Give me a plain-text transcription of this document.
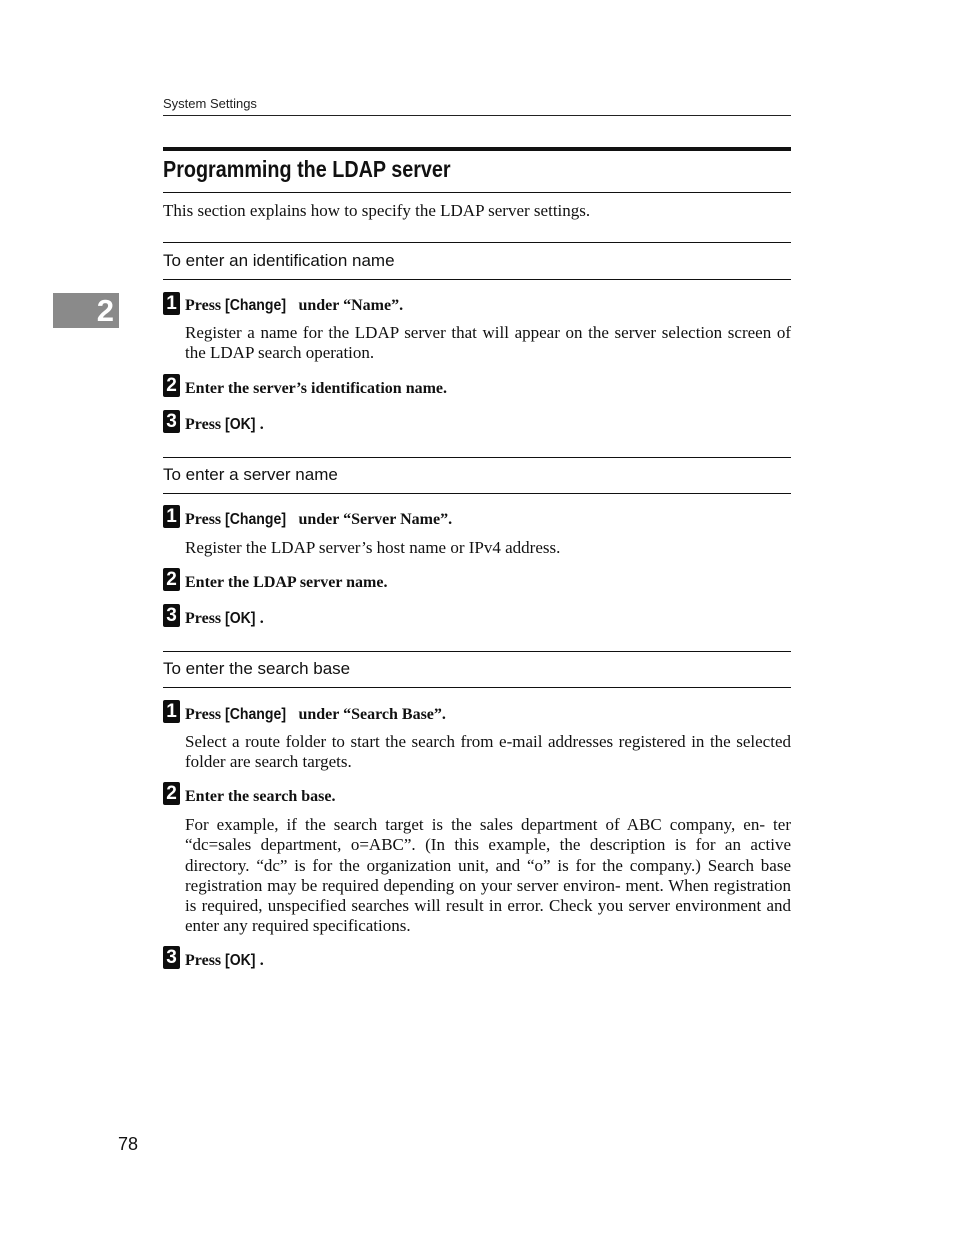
System Settings
2
Programming the LDAP server
This section explains how to specify the LDAP server settings.
To enter an identification name
1 Press [Change] under “Name”.

Register a name for the LDAP server that will appear on the server selection screen of the LDAP search operation.

2 Enter the server’s identification name.
3 Press [OK] .
To enter a server name
1 Press [Change] under “Server Name”.

Register the LDAP server’s host name or IPv4 address.

2 Enter the LDAP server name.
3 Press [OK] .
To enter the search base
1 Press [Change] under “Search Base”.

Select a route folder to start the search from e-mail addresses registered in the selected folder are search targets.

2 Enter the search base.

For example, if the search target is the sales department of ABC company, en- ter “dc=sales department, o=ABC”. (In this example, the description is for an active directory. “dc” is for the organization unit, and “o” is for the company.) Search base registration may be required depending on your server environ- ment. When registration is required, unspecified searches will result in error. Check you server environment and enter any required specifications.

3 Press [OK] .
78
